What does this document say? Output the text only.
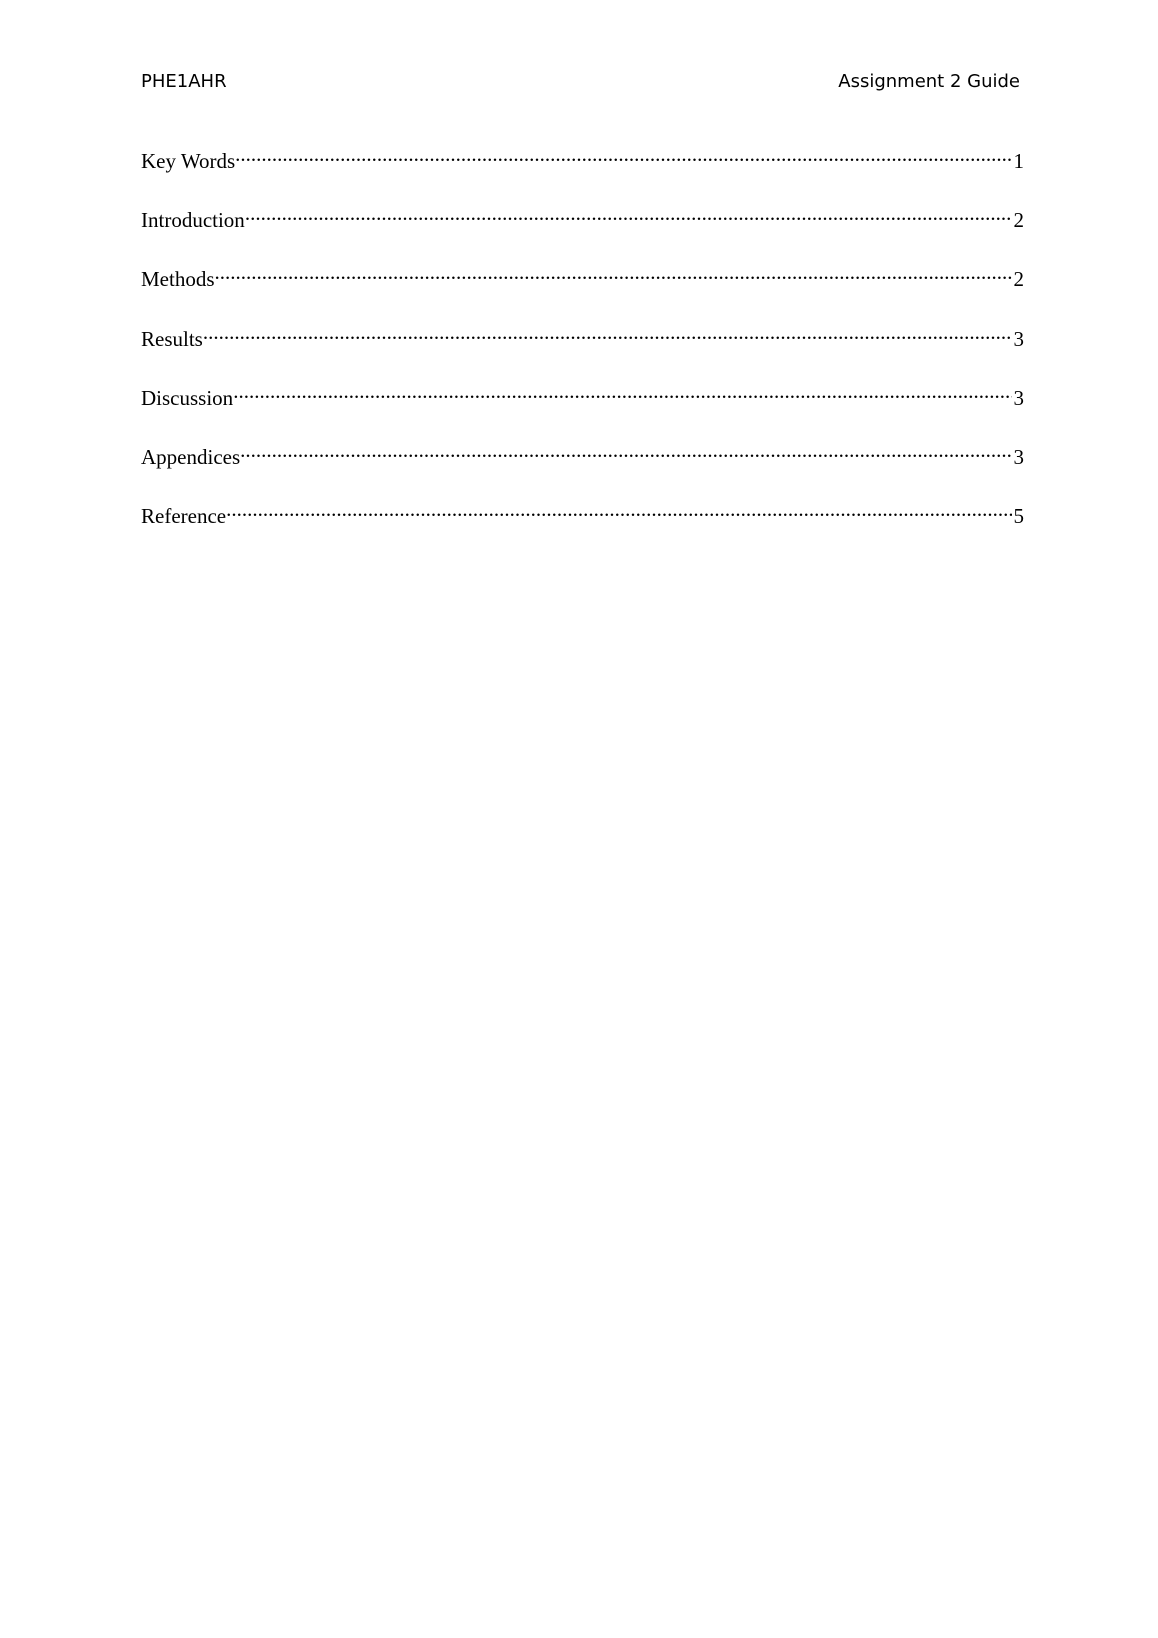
PHE1AHR	Assignment 2 Guide
Key Words .....	1
Introduction .....	2
Methods .....	2
Results .....	3
Discussion .....	3
Appendices .....	3
Reference .....	5
